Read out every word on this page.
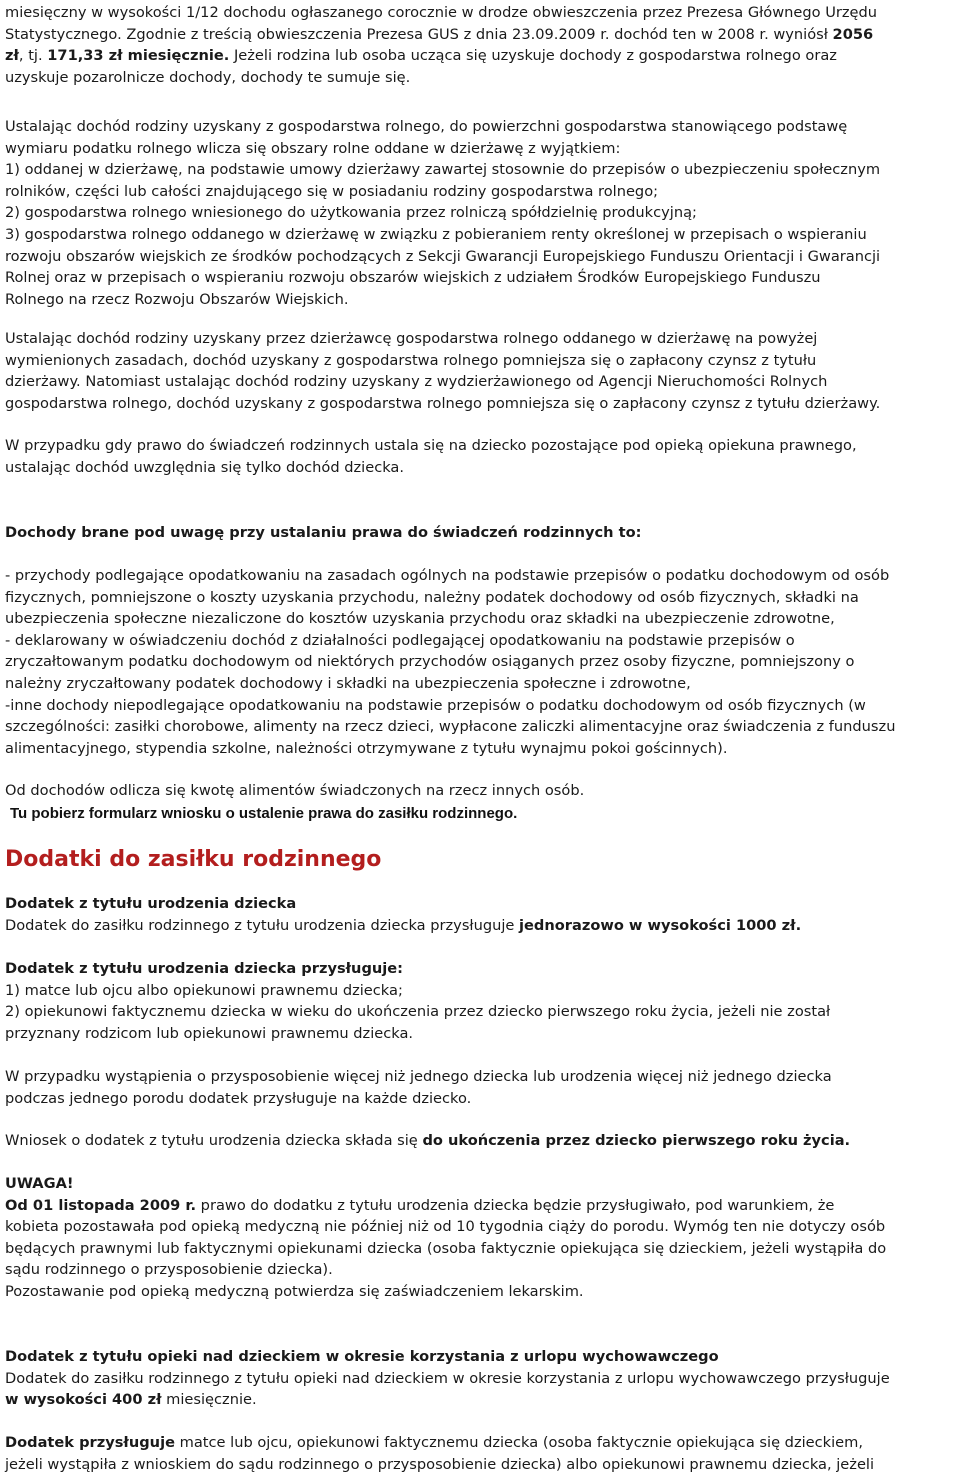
miesięczny w wysokości 1/12 dochodu ogłaszanego corocznie w drodze obwieszczenia przez Prezesa Głównego Urzędu
Statystycznego. Zgodnie z treścią obwieszczenia Prezesa GUS z dnia 23.09.2009 r. dochód ten w 2008 r. wyniósł 2056
zł, tj. 171,33 zł miesięcznie. Jeżeli rodzina lub osoba ucząca się uzyskuje dochody z gospodarstwa rolnego oraz
uzyskuje pozarolnicze dochody, dochody te sumuje się.
Ustalając dochód rodziny uzyskany z gospodarstwa rolnego, do powierzchni gospodarstwa stanowiącego podstawę
wymiaru podatku rolnego wlicza się obszary rolne oddane w dzierżawę z wyjątkiem:
1) oddanej w dzierżawę, na podstawie umowy dzierżawy zawartej stosownie do przepisów o ubezpieczeniu społecznym
rolników, części lub całości znajdującego się w posiadaniu rodziny gospodarstwa rolnego;
2) gospodarstwa rolnego wniesionego do użytkowania przez rolniczą spółdzielnię produkcyjną;
3) gospodarstwa rolnego oddanego w dzierżawę w związku z pobieraniem renty określonej w przepisach o wspieraniu
rozwoju obszarów wiejskich ze środków pochodzących z Sekcji Gwarancji Europejskiego Funduszu Orientacji i Gwarancji
Rolnej oraz w przepisach o wspieraniu rozwoju obszarów wiejskich z udziałem Środków Europejskiego Funduszu
Rolnego na rzecz Rozwoju Obszarów Wiejskich.
Ustalając dochód rodziny uzyskany przez dzierżawcę gospodarstwa rolnego oddanego w dzierżawę na powyżej
wymienionych zasadach, dochód uzyskany z gospodarstwa rolnego pomniejsza się o zapłacony czynsz z tytułu
dzierżawy. Natomiast ustalając dochód rodziny uzyskany z wydzierżawionego od Agencji Nieruchomości Rolnych
gospodarstwa rolnego, dochód uzyskany z gospodarstwa rolnego pomniejsza się o zapłacony czynsz z tytułu dzierżawy.
W przypadku gdy prawo do świadczeń rodzinnych ustala się na dziecko pozostające pod opieką opiekuna prawnego,
ustalając dochód uwzględnia się tylko dochód dziecka.
Dochody brane pod uwagę przy ustalaniu prawa do świadczeń rodzinnych to:
- przychody podlegające opodatkowaniu na zasadach ogólnych na podstawie przepisów o podatku dochodowym od osób
fizycznych, pomniejszone o koszty uzyskania przychodu, należny podatek dochodowy od osób fizycznych, składki na
ubezpieczenia społeczne niezaliczone do kosztów uzyskania przychodu oraz składki na ubezpieczenie zdrowotne,
- deklarowany w oświadczeniu dochód z działalności podlegającej opodatkowaniu na podstawie przepisów o
zryczałtowanym podatku dochodowym od niektórych przychodów osiąganych przez osoby fizyczne, pomniejszony o
należny zryczałtowany podatek dochodowy i składki na ubezpieczenia społeczne i zdrowotne,
-inne dochody niepodlegające opodatkowaniu na podstawie przepisów o podatku dochodowym od osób fizycznych (w
szczególności: zasiłki chorobowe, alimenty na rzecz dzieci, wypłacone zaliczki alimentacyjne oraz świadczenia z funduszu
alimentacyjnego, stypendia szkolne, należności otrzymywane z tytułu wynajmu pokoi gościnnych).
Od dochodów odlicza się kwotę alimentów świadczonych na rzecz innych osób.
Tu pobierz formularz wniosku o ustalenie prawa do zasiłku rodzinnego.
Dodatki do zasiłku rodzinnego
Dodatek z tytułu urodzenia dziecka
Dodatek do zasiłku rodzinnego z tytułu urodzenia dziecka przysługuje jednorazowo w wysokości 1000 zł.
Dodatek z tytułu urodzenia dziecka przysługuje:
1) matce lub ojcu albo opiekunowi prawnemu dziecka;
2) opiekunowi faktycznemu dziecka w wieku do ukończenia przez dziecko pierwszego roku życia, jeżeli nie został
przyznany rodzicom lub opiekunowi prawnemu dziecka.
W przypadku wystąpienia o przysposobienie więcej niż jednego dziecka lub urodzenia więcej niż jednego dziecka
podczas jednego porodu dodatek przysługuje na każde dziecko.
Wniosek o dodatek z tytułu urodzenia dziecka składa się do ukończenia przez dziecko pierwszego roku życia.
UWAGA!
Od 01 listopada 2009 r. prawo do dodatku z tytułu urodzenia dziecka będzie przysługiwało, pod warunkiem, że
kobieta pozostawała pod opieką medyczną nie później niż od 10 tygodnia ciąży do porodu. Wymóg ten nie dotyczy osób
będących prawnymi lub faktycznymi opiekunami dziecka (osoba faktycznie opiekująca się dzieckiem, jeżeli wystąpiła do
sądu rodzinnego o przysposobienie dziecka).
Pozostawanie pod opieką medyczną potwierdza się zaświadczeniem lekarskim.
Dodatek z tytułu opieki nad dzieckiem w okresie korzystania z urlopu wychowawczego
Dodatek do zasiłku rodzinnego z tytułu opieki nad dzieckiem w okresie korzystania z urlopu wychowawczego przysługuje
w wysokości 400 zł miesięcznie.
Dodatek przysługuje matce lub ojcu, opiekunowi faktycznemu dziecka (osoba faktycznie opiekująca się dzieckiem,
jeżeli wystąpiła z wnioskiem do sądu rodzinnego o przysposobienie dziecka) albo opiekunowi prawnemu dziecka, jeżeli
